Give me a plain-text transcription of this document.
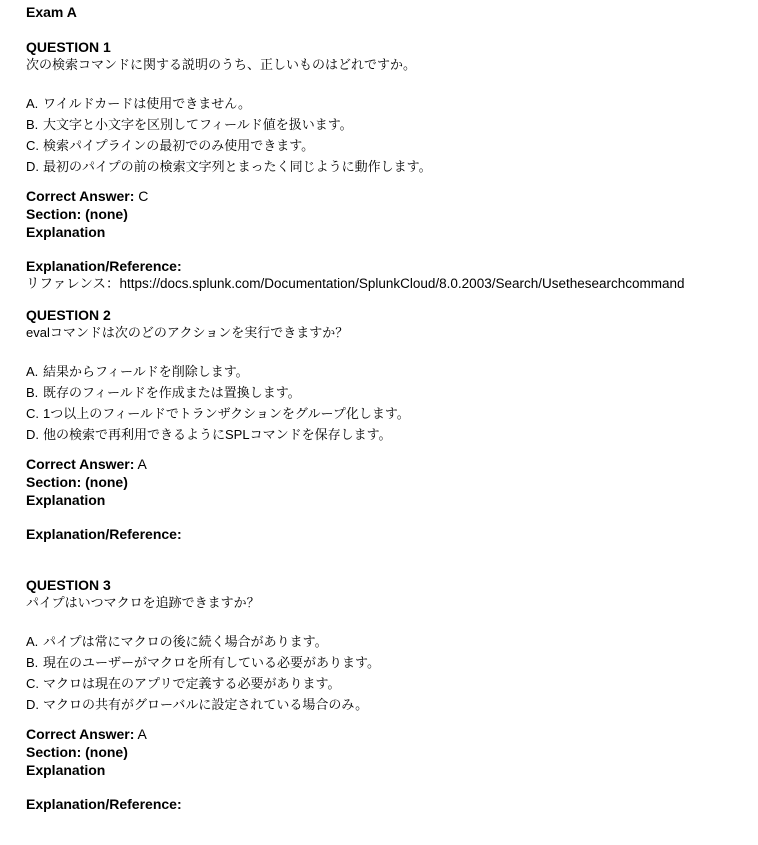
Exam A
QUESTION 1
次の検索コマンドに関する説明のうち、正しいものはどれですか。
A. ワイルドカードは使用できません。
B. 大文字と小文字を区別してフィールド値を扱います。
C. 検索パイプラインの最初でのみ使用できます。
D. 最初のパイプの前の検索文字列とまったく同じように動作します。
Correct Answer: C
Section: (none)
Explanation
Explanation/Reference:
リファレンス：https://docs.splunk.com/Documentation/SplunkCloud/8.0.2003/Search/Usethesearchcommand
QUESTION 2
evalコマンドは次のどのアクションを実行できますか？
A. 結果からフィールドを削除します。
B. 既存のフィールドを作成または置換します。
C. 1つ以上のフィールドでトランザクションをグループ化します。
D. 他の検索で再利用できるようにSPLコマンドを保存します。
Correct Answer: A
Section: (none)
Explanation
Explanation/Reference:
QUESTION 3
パイプはいつマクロを追跡できますか？
A. パイプは常にマクロの後に続く場合があります。
B. 現在のユーザーがマクロを所有している必要があります。
C. マクロは現在のアプリで定義する必要があります。
D. マクロの共有がグローバルに設定されている場合のみ。
Correct Answer: A
Section: (none)
Explanation
Explanation/Reference:
